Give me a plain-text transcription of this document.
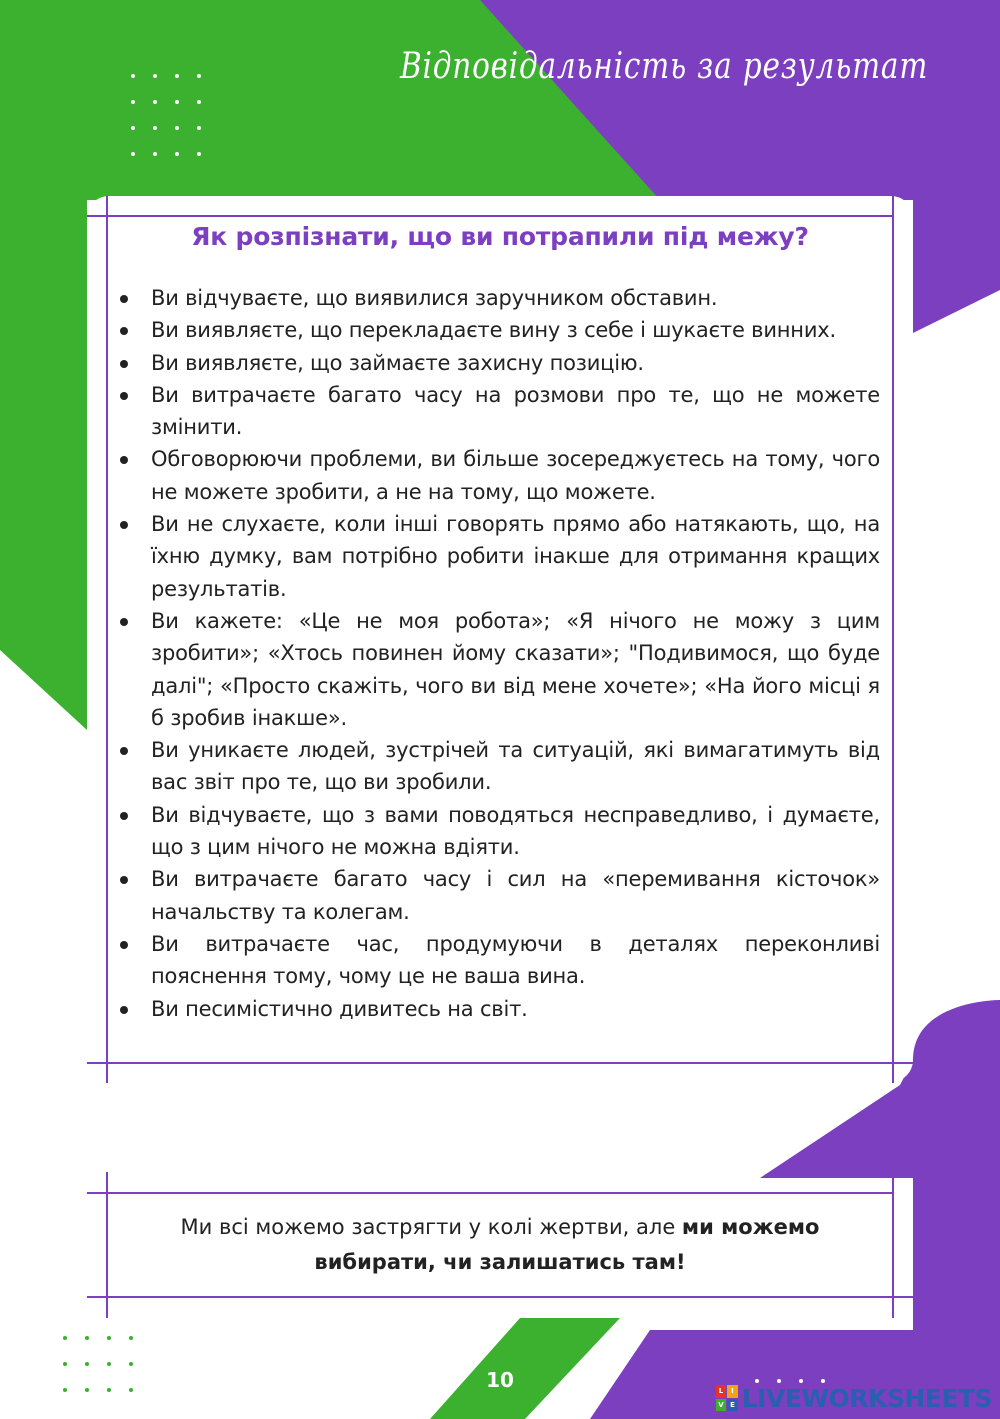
Відповідальність за результат
Як розпізнати, що ви потрапили під межу?
Ви відчуваєте, що виявилися заручником обставин.
Ви виявляєте, що перекладаєте вину з себе і шукаєте винних.
Ви виявляєте, що займаєте захисну позицію.
Ви витрачаєте багато часу на розмови про те, що не можете змінити.
Обговорюючи проблеми, ви більше зосереджуєтесь на тому, чого не можете зробити, а не на тому, що можете.
Ви не слухаєте, коли інші говорять прямо або натякають, що, на їхню думку, вам потрібно робити інакше для отримання кращих результатів.
Ви кажете: «Це не моя робота»; «Я нічого не можу з цим зробити»; «Хтось повинен йому сказати»; "Подивимося, що буде далі"; «Просто скажіть, чого ви від мене хочете»; «На його місці я б зробив інакше».
Ви уникаєте людей, зустрічей та ситуацій, які вимагатимуть від вас звіт про те, що ви зробили.
Ви відчуваєте, що з вами поводяться несправедливо, і думаєте, що з цим нічого не можна вдіяти.
Ви витрачаєте багато часу і сил на «перемивання кісточок» начальству та колегам.
Ви витрачаєте час, продумуючи в деталях переконливі пояснення тому, чому це не ваша вина.
Ви песимістично дивитесь на світ.

Ми всі можемо застрягти у колі жертви, але ми можемо вибирати, чи залишатись там!

10	L	I
V E LIVEWORKSHEETS
